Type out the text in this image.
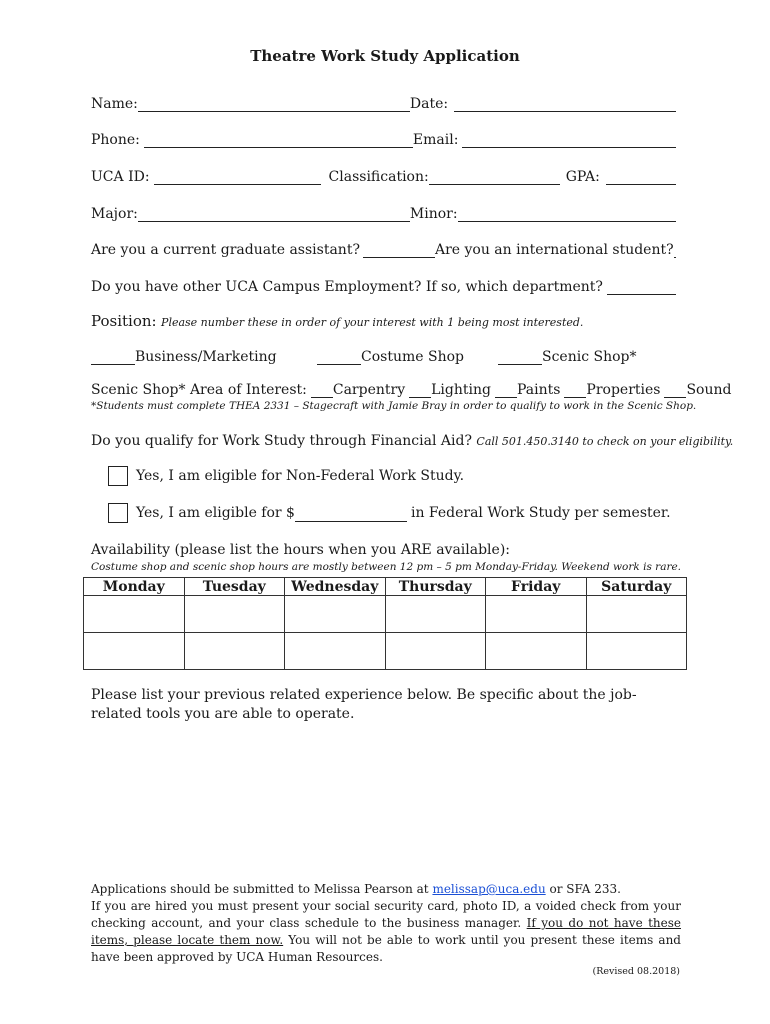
Theatre Work Study Application
Name:	Date:
Phone:	Email:
UCA ID:	Classification:	GPA:
Major:	Minor:
Are you a current graduate assistant?	Are you an international student?
Do you have other UCA Campus Employment? If so, which department?
Position: Please number these in order of your interest with 1 being most interested.
Business/Marketing	Costume Shop	Scenic Shop*
Scenic Shop* Area of Interest: Carpentry Lighting Paints Properties Sound
*Students must complete THEA 2331 – Stagecraft with Jamie Bray in order to qualify to work in the Scenic Shop.
Do you qualify for Work Study through Financial Aid? Call 501.450.3140 to check on your eligibility.
Yes, I am eligible for Non-Federal Work Study.
Yes, I am eligible for $	in Federal Work Study per semester.
Availability (please list the hours when you ARE available):
Costume shop and scenic shop hours are mostly between 12 pm – 5 pm Monday-Friday. Weekend work is rare.
Monday	Tuesday	Wednesday	Thursday	Friday	Saturday

Please list your previous related experience below. Be specific about the job-related tools you are able to operate.
Applications should be submitted to Melissa Pearson at melissap@uca.edu or SFA 233.
If you are hired you must present your social security card, photo ID, a voided check from your checking account, and your class schedule to the business manager. If you do not have these items, please locate them now. You will not be able to work until you present these items and have been approved by UCA Human Resources.
(Revised 08.2018)
